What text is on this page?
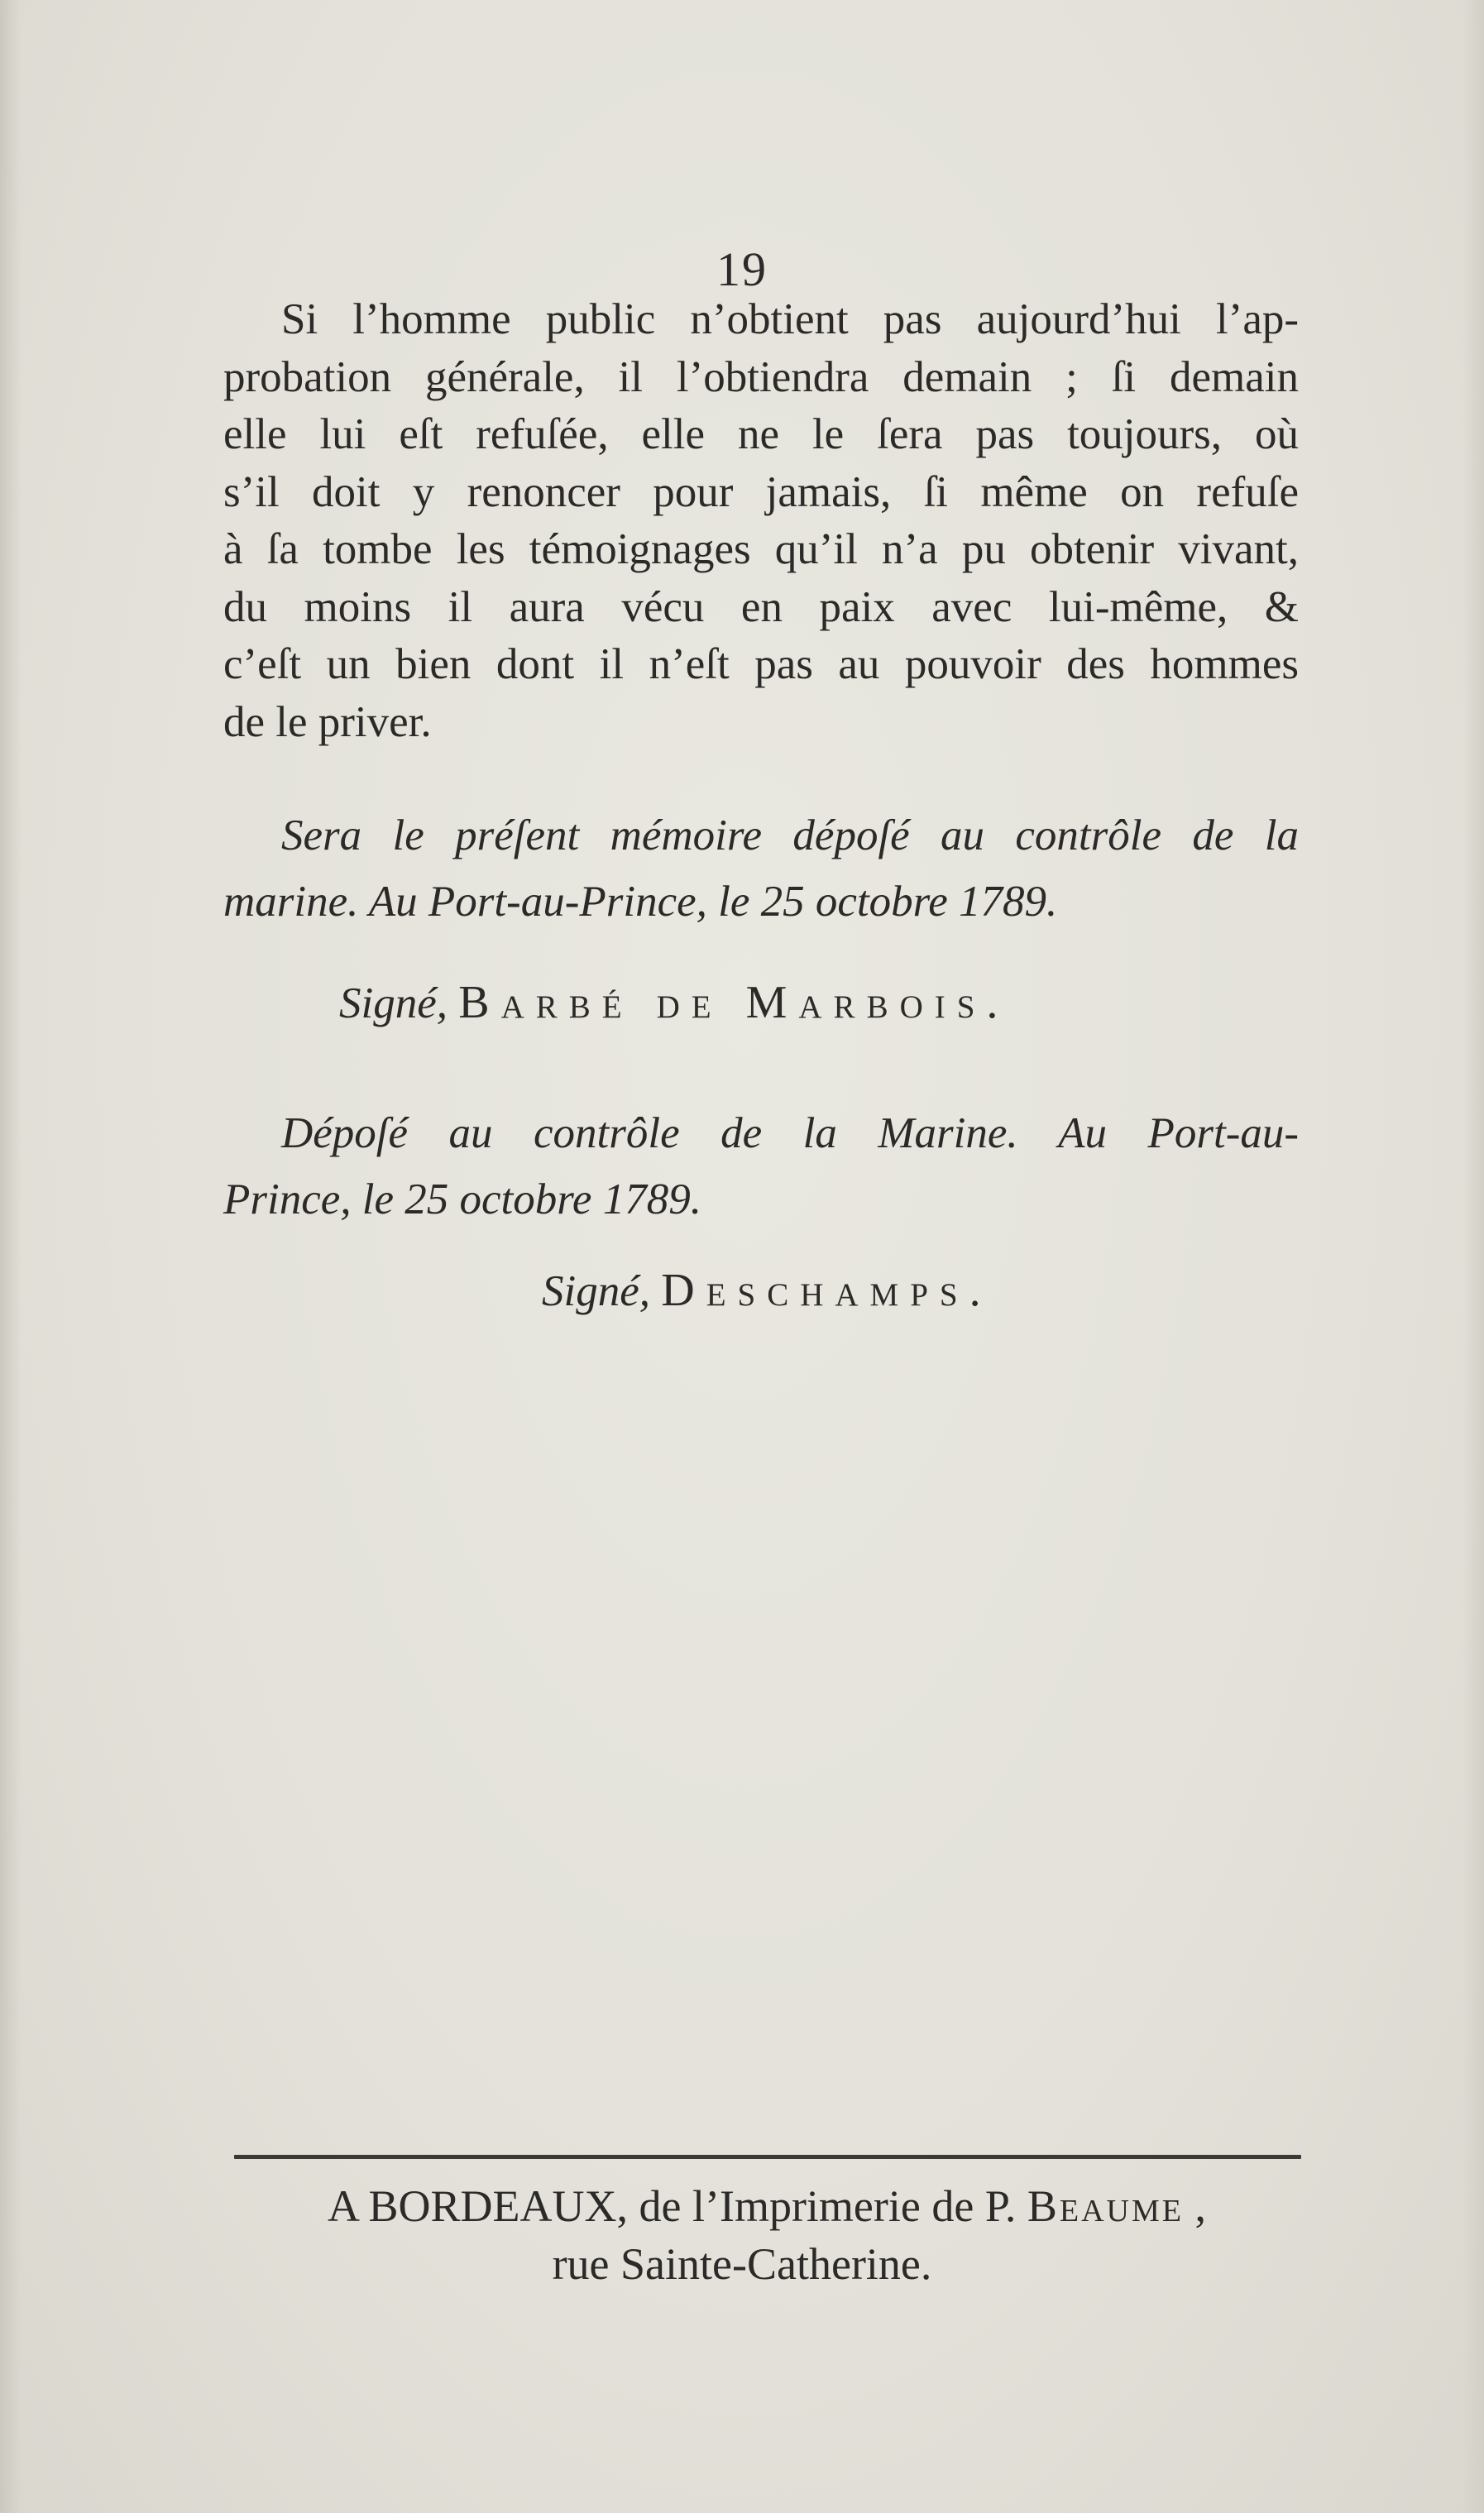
19
Si l’homme public n’obtient pas aujourd’hui l’ap-
probation générale, il l’obtiendra demain ; ſi demain
elle lui eſt refuſée, elle ne le ſera pas toujours, où
s’il doit y renoncer pour jamais, ſi même on refuſe
à ſa tombe les témoignages qu’il n’a pu obtenir vivant,
du moins il aura vécu en paix avec lui-même, &
c’eſt un bien dont il n’eſt pas au pouvoir des hommes
de le priver.
Sera le préſent mémoire dépoſé au contrôle de la
marine. Au Port-au-Prince, le 25 octobre 1789.
Signé, Barbé de Marbois.
Dépoſé au contrôle de la Marine. Au Port-au-
Prince, le 25 octobre 1789.
Signé, Deschamps.
A BORDEAUX, de l’Imprimerie de P. Beaume ,
rue Sainte-Catherine.
